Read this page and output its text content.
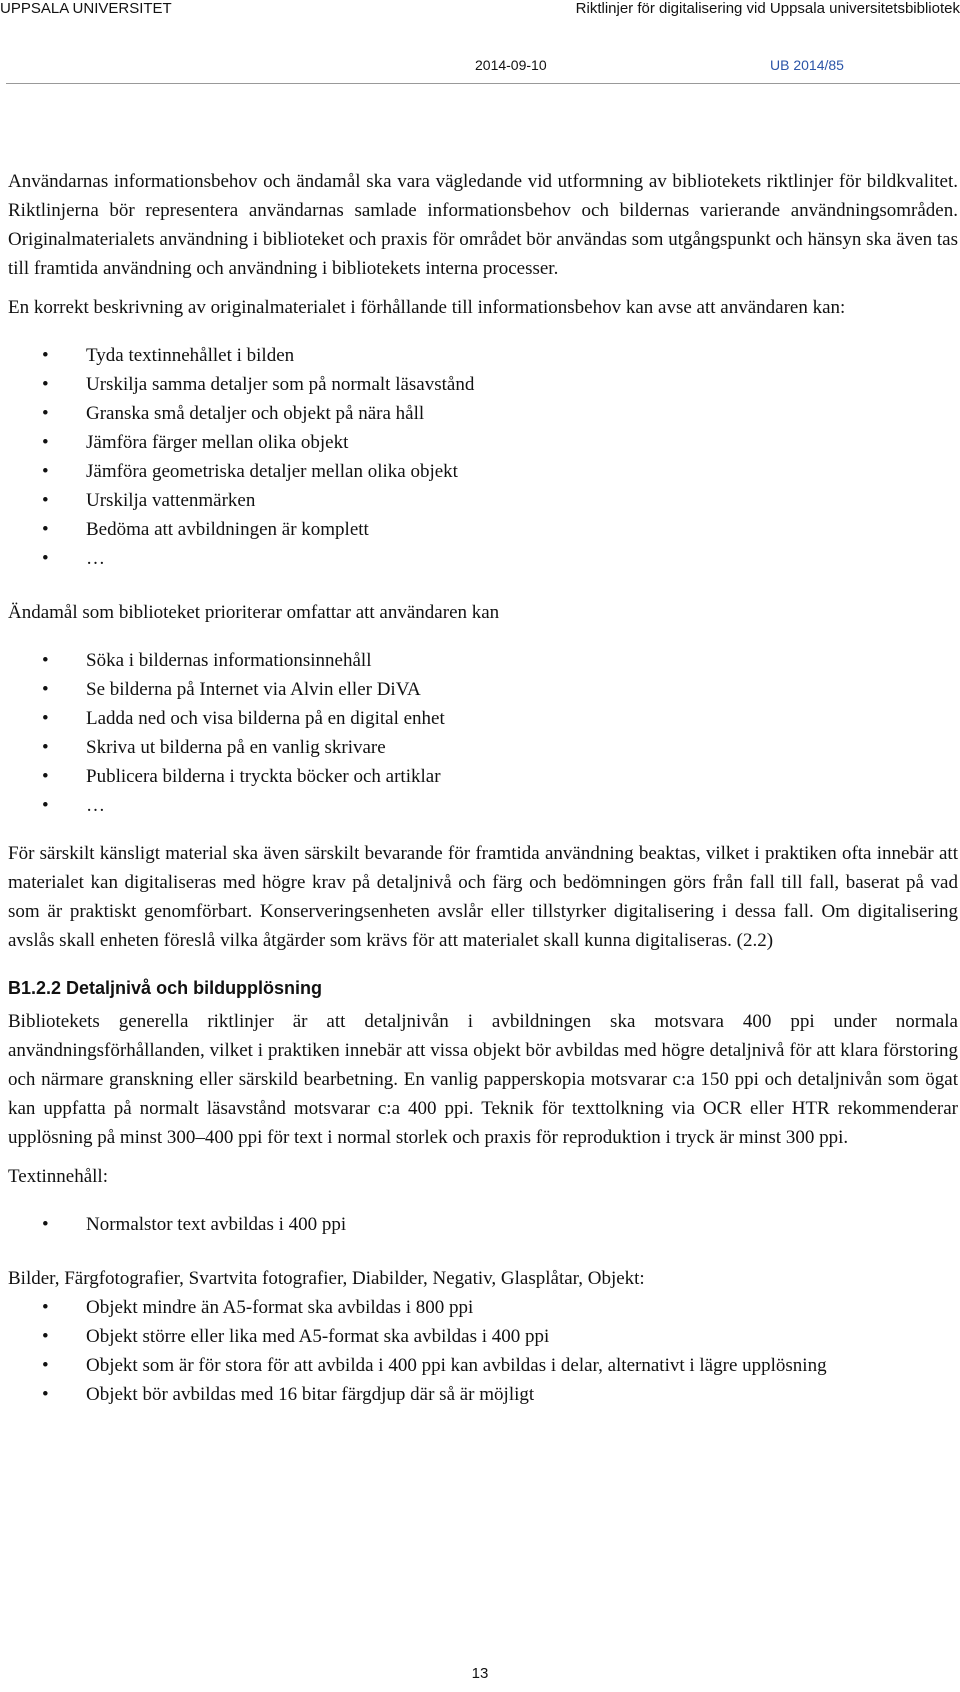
UPPSALA UNIVERSITET	Riktlinjer för digitalisering vid Uppsala universitetsbibliotek
2014-09-10	UB 2014/85

Användarnas informationsbehov och ändamål ska vara vägledande vid utformning av bibliotekets riktlinjer för bildkvalitet. Riktlinjerna bör representera användarnas samlade informationsbehov och bildernas varierande användningsområden. Originalmaterialets användning i biblioteket och praxis för området bör användas som utgångspunkt och hänsyn ska även tas till framtida användning och användning i bibliotekets interna processer.

En korrekt beskrivning av originalmaterialet i förhållande till informationsbehov kan avse att användaren kan:

• Tyda textinnehållet i bilden
• Urskilja samma detaljer som på normalt läsavstånd
• Granska små detaljer och objekt på nära håll
• Jämföra färger mellan olika objekt
• Jämföra geometriska detaljer mellan olika objekt
• Urskilja vattenmärken
• Bedöma att avbildningen är komplett
• …

Ändamål som biblioteket prioriterar omfattar att användaren kan

• Söka i bildernas informationsinnehåll
• Se bilderna på Internet via Alvin eller DiVA
• Ladda ned och visa bilderna på en digital enhet
• Skriva ut bilderna på en vanlig skrivare
• Publicera bilderna i tryckta böcker och artiklar
• …

För särskilt känsligt material ska även särskilt bevarande för framtida användning beaktas, vilket i praktiken ofta innebär att materialet kan digitaliseras med högre krav på detaljnivå och färg och bedömningen görs från fall till fall, baserat på vad som är praktiskt genomförbart. Konserveringsenheten avslår eller tillstyrker digitalisering i dessa fall. Om digitalisering avslås skall enheten föreslå vilka åtgärder som krävs för att materialet skall kunna digitaliseras. (2.2)

B1.2.2 Detaljnivå och bildupplösning

Bibliotekets generella riktlinjer är att detaljnivån i avbildningen ska motsvara 400 ppi under normala användningsförhållanden, vilket i praktiken innebär att vissa objekt bör avbildas med högre detaljnivå för att klara förstoring och närmare granskning eller särskild bearbetning. En vanlig papperskopia motsvarar c:a 150 ppi och detaljnivån som ögat kan uppfatta på normalt läsavstånd motsvarar c:a 400 ppi. Teknik för texttolkning via OCR eller HTR rekommenderar upplösning på minst 300–400 ppi för text i normal storlek och praxis för reproduktion i tryck är minst 300 ppi.

Textinnehåll:

• Normalstor text avbildas i 400 ppi

Bilder, Färgfotografier, Svartvita fotografier, Diabilder, Negativ, Glasplåtar, Objekt:

• Objekt mindre än A5-format ska avbildas i 800 ppi
• Objekt större eller lika med A5-format ska avbildas i 400 ppi
• Objekt som är för stora för att avbilda i 400 ppi kan avbildas i delar, alternativt i lägre upplösning
• Objekt bör avbildas med 16 bitar färgdjup där så är möjligt
13
